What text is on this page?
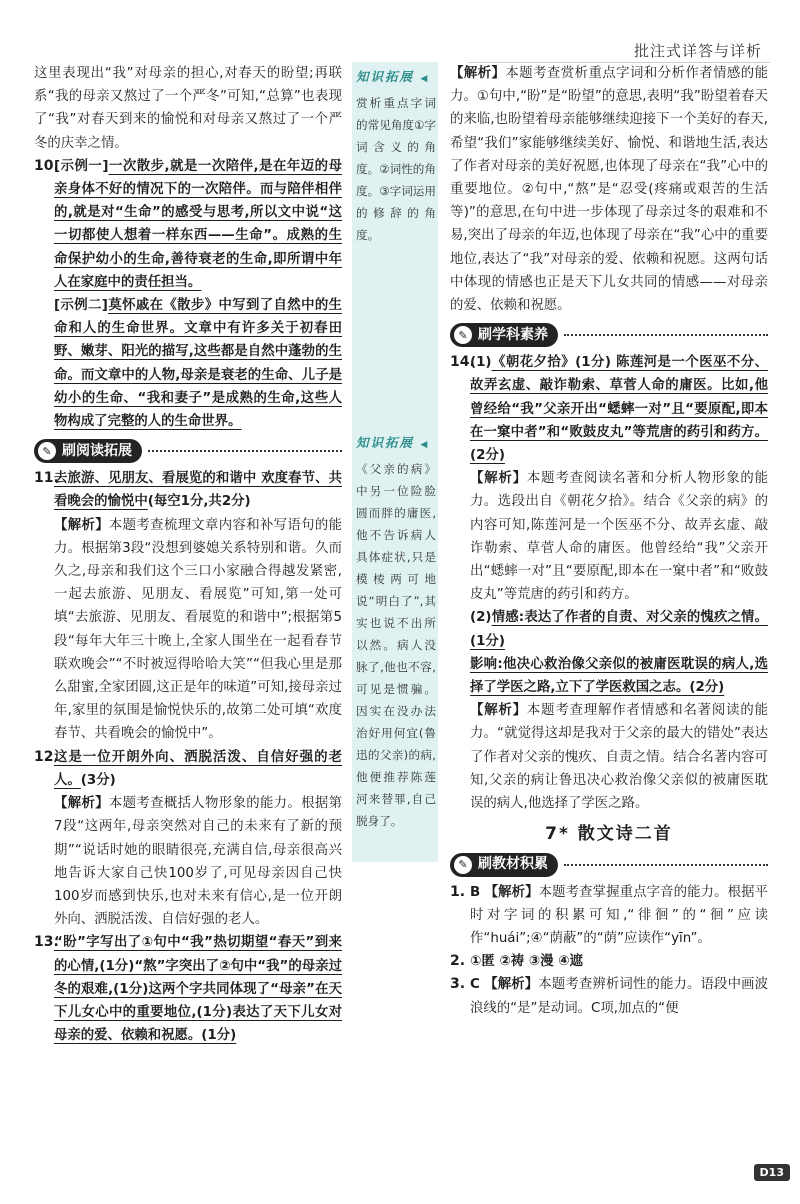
批注式详答与详析
知识拓展 ◀
赏析重点字词的常见角度①字词含义的角度。②词性的角度。③字词运用的修辞的角度。
知识拓展 ◀
《父亲的病》中另一位险脸圆而胖的庸医,他不告诉病人具体症状,只是模棱两可地说“明白了”,其实也说不出所以然。病人没脉了,他也不容,可见是惯骗。因实在没办法治好用何宜(鲁迅的父亲)的病,他便推荐陈莲河来替罪,自己脱身了。

这里表现出“我”对母亲的担心,对春天的盼望;再联系“我的母亲又熬过了一个严冬”可知,“总算”也表现了“我”对春天到来的愉悦和对母亲又熬过了一个严冬的庆幸之情。

10.
[示例一]一次散步,就是一次陪伴,是在年迈的母亲身体不好的情况下的一次陪伴。而与陪伴相伴的,就是对“生命”的感受与思考,所以文中说“这一切都使人想着一样东西——生命”。成熟的生命保护幼小的生命,善待衰老的生命,即所谓中年人在家庭中的责任担当。
[示例二]莫怀戚在《散步》中写到了自然中的生命和人的生命世界。文章中有许多关于初春田野、嫩芽、阳光的描写,这些都是自然中蓬勃的生命。而文章中的人物,母亲是衰老的生命、儿子是幼小的生命、“我和妻子”是成熟的生命,这些人物构成了完整的人的生命世界。
✎ 刷阅读拓展
11.
去旅游、见朋友、看展览的和谐中 欢度春节、共看晚会的愉悦中(每空1分,共2分)
【解析】本题考查梳理文章内容和补写语句的能力。根据第3段“没想到婆媳关系特别和谐。久而久之,母亲和我们这个三口小家融合得越发紧密,一起去旅游、见朋友、看展览”可知,第一处可填“去旅游、见朋友、看展览的和谐中”;根据第5段“每年大年三十晚上,全家人围坐在一起看春节联欢晚会”“不时被逗得哈哈大笑”“但我心里是那么甜蜜,全家团圆,这正是年的味道”可知,接母亲过年,家里的氛围是愉悦快乐的,故第二处可填“欢度春节、共看晚会的愉悦中”。
12.
这是一位开朗外向、洒脱活泼、自信好强的老人。(3分)
【解析】本题考查概括人物形象的能力。根据第7段“这两年,母亲突然对自己的未来有了新的预期”“说话时她的眼睛很亮,充满自信,母亲很高兴地告诉大家自己快100岁了,可见母亲因自己快100岁而感到快乐,也对未来有信心,是一位开朗外向、洒脱活泼、自信好强的老人。
13.
“盼”字写出了①句中“我”热切期望“春天”到来的心情,(1分)“熬”字突出了②句中“我”的母亲过冬的艰难,(1分)这两个字共同体现了“母亲”在天下儿女心中的重要地位,(1分)表达了天下儿女对母亲的爱、依赖和祝愿。(1分)

【解析】本题考查赏析重点字词和分析作者情感的能力。①句中,“盼”是“盼望”的意思,表明“我”盼望着春天的来临,也盼望着母亲能够继续迎接下一个美好的春天,希望“我们”家能够继续美好、愉悦、和谐地生活,表达了作者对母亲的美好祝愿,也体现了母亲在“我”心中的重要地位。②句中,“熬”是“忍受(疼痛或艰苦的生活等)”的意思,在句中进一步体现了母亲过冬的艰难和不易,突出了母亲的年迈,也体现了母亲在“我”心中的重要地位,表达了“我”对母亲的爱、依赖和祝愿。这两句话中体现的情感也正是天下儿女共同的情感——对母亲的爱、依赖和祝愿。

✎ 刷学科素养
14.
(1)《朝花夕拾》(1分) 陈莲河是一个医巫不分、故弄玄虚、敲诈勒索、草菅人命的庸医。比如,他曾经给“我”父亲开出“蟋蟀一对”且“要原配,即本在一窠中者”和“败鼓皮丸”等荒唐的药引和药方。(2分)
【解析】本题考查阅读名著和分析人物形象的能力。选段出自《朝花夕拾》。结合《父亲的病》的内容可知,陈莲河是一个医巫不分、故弄玄虚、敲诈勒索、草菅人命的庸医。他曾经给“我”父亲开出“蟋蟀一对”且“要原配,即本在一窠中者”和“败鼓皮丸”等荒唐的药引和药方。
(2)情感:表达了作者的自责、对父亲的愧疚之情。(1分)
影响:他决心救治像父亲似的被庸医耽误的病人,选择了学医之路,立下了学医救国之志。(2分)
【解析】本题考查理解作者情感和名著阅读的能力。“就觉得这却是我对于父亲的最大的错处”表达了作者对父亲的愧疚、自责之情。结合名著内容可知,父亲的病让鲁迅决心救治像父亲似的被庸医耽误的病人,他选择了学医之路。
7* 散文诗二首
✎ 刷教材积累
1. B 【解析】本题考查掌握重点字音的能力。根据平时对字词的积累可知,“徘徊”的“徊”应读作“huái”;④“荫蔽”的“荫”应读作“yīn”。
2. ①匿 ②祷 ③漫 ④遮
3. C 【解析】本题考查辨析词性的能力。语段中画波浪线的“是”是动词。C项,加点的“便
D13
